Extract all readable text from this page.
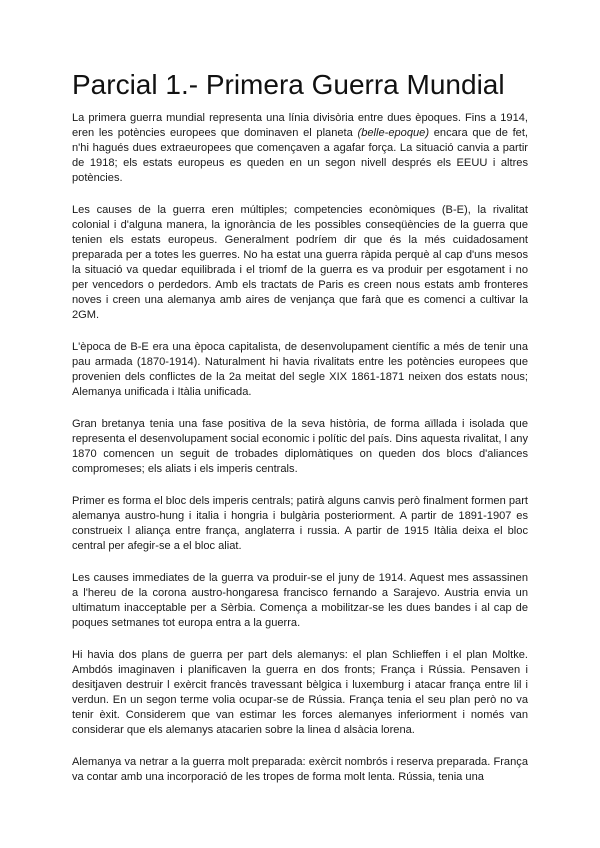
Parcial 1.- Primera Guerra Mundial

La primera guerra mundial representa una línia divisòria entre dues èpoques. Fins a 1914, eren les potències europees que dominaven el planeta (belle-epoque) encara que de fet, n'hi hagués dues extraeuropees que començaven a agafar força. La situació canvia a partir de 1918; els estats europeus es queden en un segon nivell després els EEUU i altres potències.

Les causes de la guerra eren múltiples; competencies econòmiques (B-E), la rivalitat colonial i d'alguna manera, la ignorància de les possibles conseqüències de la guerra que tenien els estats europeus. Generalment podríem dir que és la més cuidadosament preparada per a totes les guerres. No ha estat una guerra ràpida perquè al cap d'uns mesos la situació va quedar equilibrada i el triomf de la guerra es va produir per esgotament i no per vencedors o perdedors. Amb els tractats de Paris es creen nous estats amb fronteres noves i creen una alemanya amb aires de venjança que farà que es comenci a cultivar la 2GM.

L'època de B-E era una època capitalista, de desenvolupament científic a més de tenir una pau armada (1870-1914). Naturalment hi havia rivalitats entre les potències europees que provenien dels conflictes de la 2a meitat del segle XIX 1861-1871 neixen dos estats nous; Alemanya unificada i Itàlia unificada.

Gran bretanya tenia una fase positiva de la seva història, de forma aïllada i isolada que representa el desenvolupament social economic i polític del país. Dins aquesta rivalitat, l any 1870 comencen un seguit de trobades diplomàtiques on queden dos blocs d'aliances compromeses; els aliats i els imperis centrals.

Primer es forma el bloc dels imperis centrals; patirà alguns canvis però finalment formen part alemanya austro-hung i italia i hongria i bulgària posteriorment. A partir de 1891-1907 es construeix l aliança entre frança, anglaterra i russia. A partir de 1915 Itàlia deixa el bloc central per afegir-se a el bloc aliat.

Les causes immediates de la guerra va produir-se el juny de 1914. Aquest mes assassinen a l'hereu de la corona austro-hongaresa francisco fernando a Sarajevo. Austria envia un ultimatum inacceptable per a Sèrbia. Comença a mobilitzar-se les dues bandes i al cap de poques setmanes tot europa entra a la guerra.

Hi havia dos plans de guerra per part dels alemanys: el plan Schlieffen i el plan Moltke. Ambdós imaginaven i planificaven la guerra en dos fronts; França i Rússia. Pensaven i desitjaven destruir l exèrcit francès travessant bèlgica i luxemburg i atacar frança entre lil i verdun. En un segon terme volia ocupar-se de Rússia. França tenia el seu plan però no va tenir èxit. Considerem que van estimar les forces alemanyes inferiorment i només van considerar que els alemanys atacarien sobre la linea d alsàcia lorena.

Alemanya va netrar a la guerra molt preparada: exèrcit nombrós i reserva preparada. França va contar amb una incorporació de les tropes de forma molt lenta. Rússia, tenia una
